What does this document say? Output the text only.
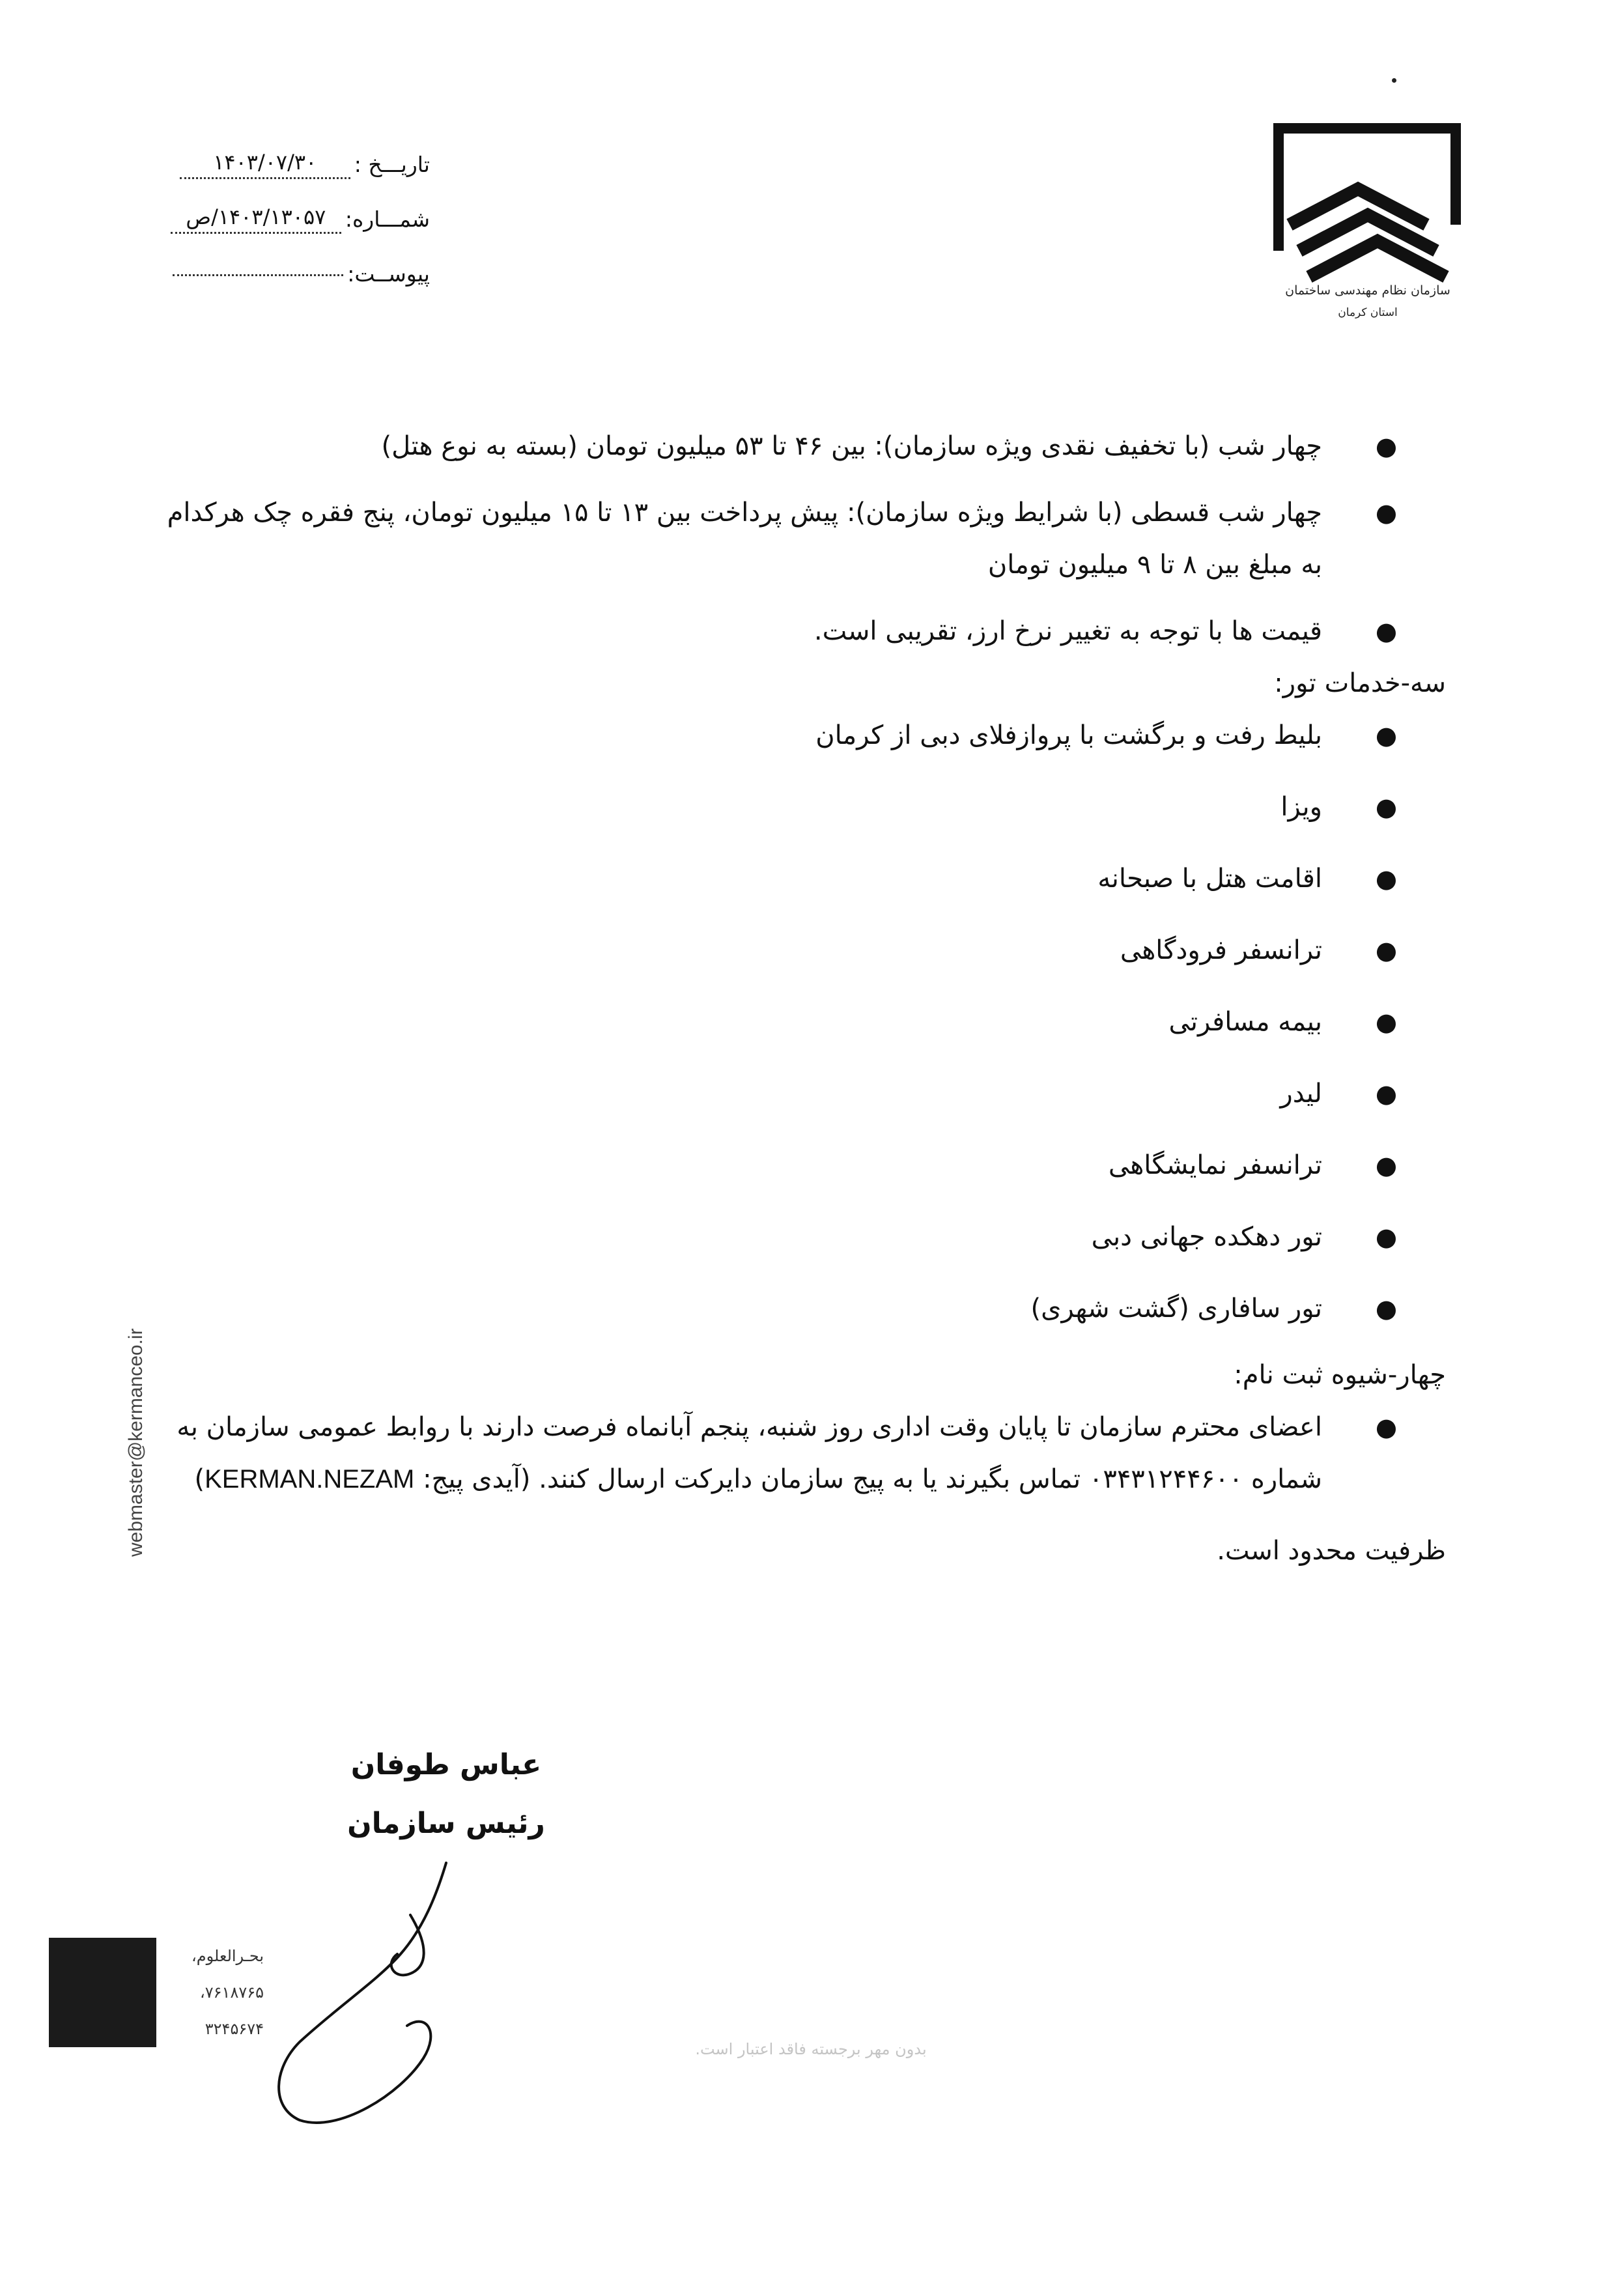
سازمان نظام مهندسی ساختمان
استان کرمان
تاریـــخ :
۱۴۰۳/۰۷/۳۰
شمـــاره:
۱۴۰۳/۱۳۰۵۷/ص
پیوســت:
●
چهار شب (با تخفیف نقدی ویژه سازمان): بین ۴۶ تا ۵۳ میلیون تومان (بسته به نوع هتل)
●
چهار شب قسطی (با شرایط ویژه سازمان): پیش پرداخت بین ۱۳ تا ۱۵ میلیون تومان، پنج فقره چک هرکدام به مبلغ بین ۸ تا ۹ میلیون تومان
●
قیمت ها با توجه به تغییر نرخ ارز، تقریبی است.
سه-خدمات تور:
●
بلیط رفت و برگشت با پروازفلای دبی از کرمان
●
ویزا
●
اقامت هتل با صبحانه
●
ترانسفر فرودگاهی
●
بیمه مسافرتی
●
لیدر
●
ترانسفر نمایشگاهی
●
تور دهکده جهانی دبی
●
تور سافاری (گشت شهری)
چهار-شیوه ثبت نام:
●
اعضای محترم سازمان تا پایان وقت اداری روز شنبه، پنجم آبانماه فرصت دارند با روابط عمومی سازمان به شماره ۰۳۴۳۱۲۴۴۶۰۰ تماس بگیرند یا به پیج سازمان دایرکت ارسال کنند. (آیدی پیج: KERMAN.NEZAM)
ظرفیت محدود است.
عباس طوفان
رئیس سازمان
بدون مهر برجسته فاقد اعتبار است.
webmaster@kermanceo.ir
بحـرالعلوم،
۷۶۱۸۷۶۵،
۳۲۴۵۶۷۴
